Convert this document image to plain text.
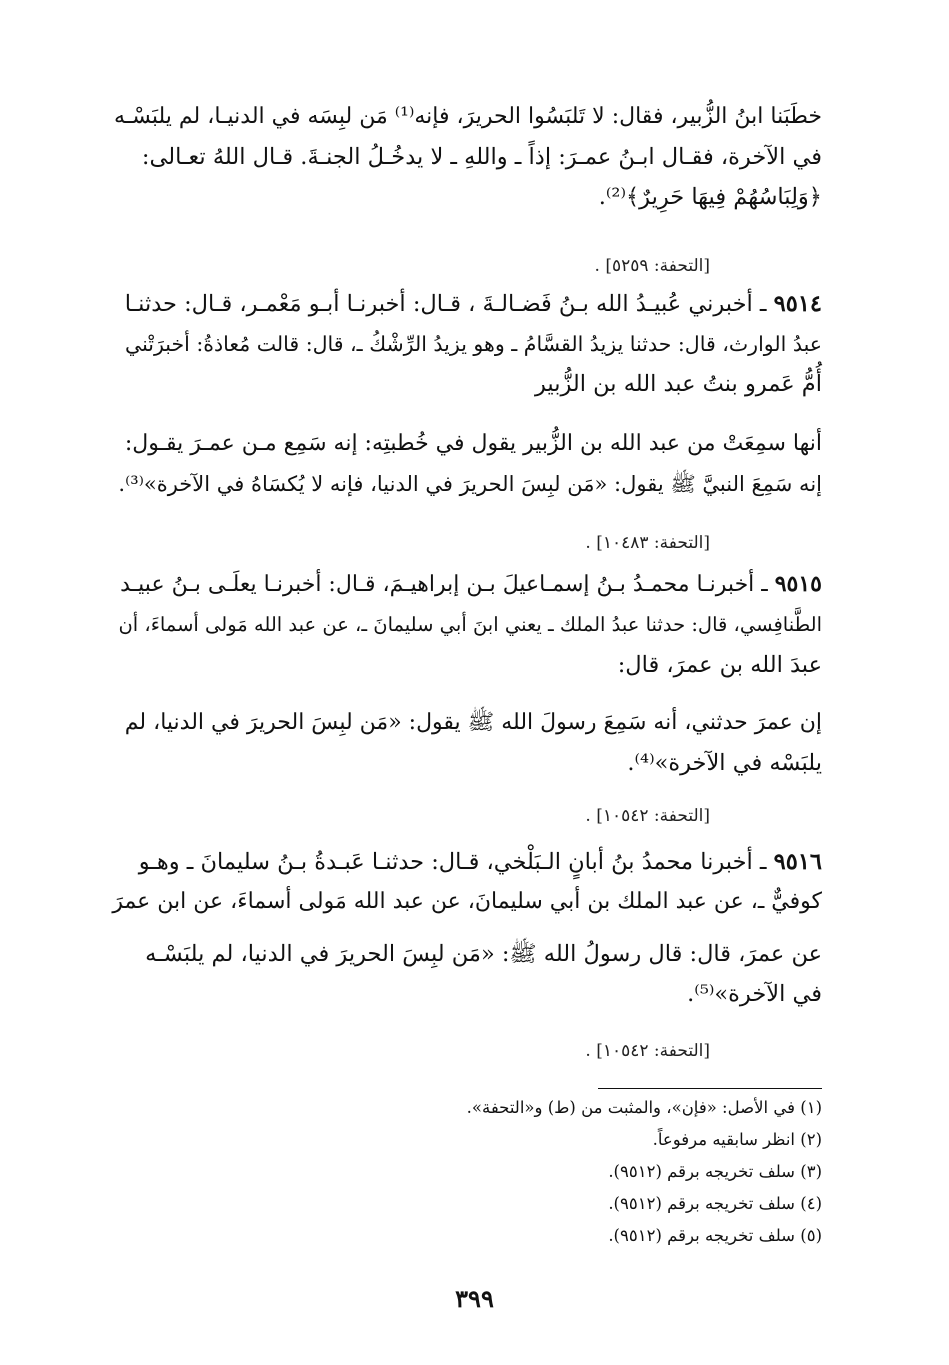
خطَبَنا ابنُ الزُّبير، فقال: لا تَلبَسُوا الحريرَ، فإنه⁽¹⁾ مَن لبِسَه في الدنيـا، لم يلبَسْـه
في الآخرة، فقـال ابـنُ عمـرَ: إذاً ـ واللهِ ـ لا يدخُـلُ الجنـةَ. قـال اللهُ تعـالى:
﴿وَلِبَاسُهُمْ فِيهَا حَرِيرٌ﴾⁽²⁾.

[التحفة: ٥٢٥٩] .

٩٥١٤ ـ أخبرني عُبيـدُ الله بـنُ فَضـالـةَ ، قـال: أخبرنـا أبـو مَعْمـر، قـال: حدثنـا
عبدُ الوارث، قال: حدثنا يزيدُ القسَّامُ ـ وهو يزيدُ الرِّشْكُ ـ، قال: قالت مُعاذةُ: أخبرَتْني
أُمُّ عَمرو بنتُ عبد الله بن الزُّبير
أنها سمِعَتْ من عبد الله بن الزُّبير يقول في خُطبتِه: إنه سَمِع مـن عمـرَ يقـول:
إنه سَمِعَ النبيَّ ﷺ يقول: «مَن لبِسَ الحريرَ في الدنيا، فإنه لا يُكسَاهُ في الآخرة»⁽³⁾.

[التحفة: ١٠٤٨٣] .

٩٥١٥ ـ أخبرنـا محمـدُ بـنُ إسمـاعيلَ بـن إبراهيـمَ، قـال: أخبرنـا يعلَـى بـنُ عبيـد
الطَّنافِسي، قال: حدثنا عبدُ الملك ـ يعني ابنَ أبي سليمانَ ـ، عن عبد الله مَولى أسماءَ، أن
عبدَ الله بن عمرَ، قال:
إن عمرَ حدثني، أنه سَمِعَ رسولَ الله ﷺ يقول: «مَن لبِسَ الحريرَ في الدنيا، لم
يلبَسْه في الآخرة»⁽⁴⁾.

[التحفة: ١٠٥٤٢] .

٩٥١٦ ـ أخبرنا محمدُ بنُ أبانٍ الـبَلْخي، قـال: حدثنـا عَبـدةُ بـنُ سليمانَ ـ وهـو
كوفيٌّ ـ، عن عبد الملك بن أبي سليمانَ، عن عبد الله مَولى أسماءَ، عن ابن عمرَ
عن عمرَ، قال: قال رسولُ الله ﷺ: «مَن لبِسَ الحريرَ في الدنيا، لم يلبَسْـه
في الآخرة»⁽⁵⁾.

[التحفة: ١٠٥٤٢] .

(١) في الأصل: «فإن»، والمثبت من (ط) و«التحفة».

(٢) انظر سابقيه مرفوعاً.

(٣) سلف تخريجه برقم (٩٥١٢).

(٤) سلف تخريجه برقم (٩٥١٢).

(٥) سلف تخريجه برقم (٩٥١٢).

٣٩٩
